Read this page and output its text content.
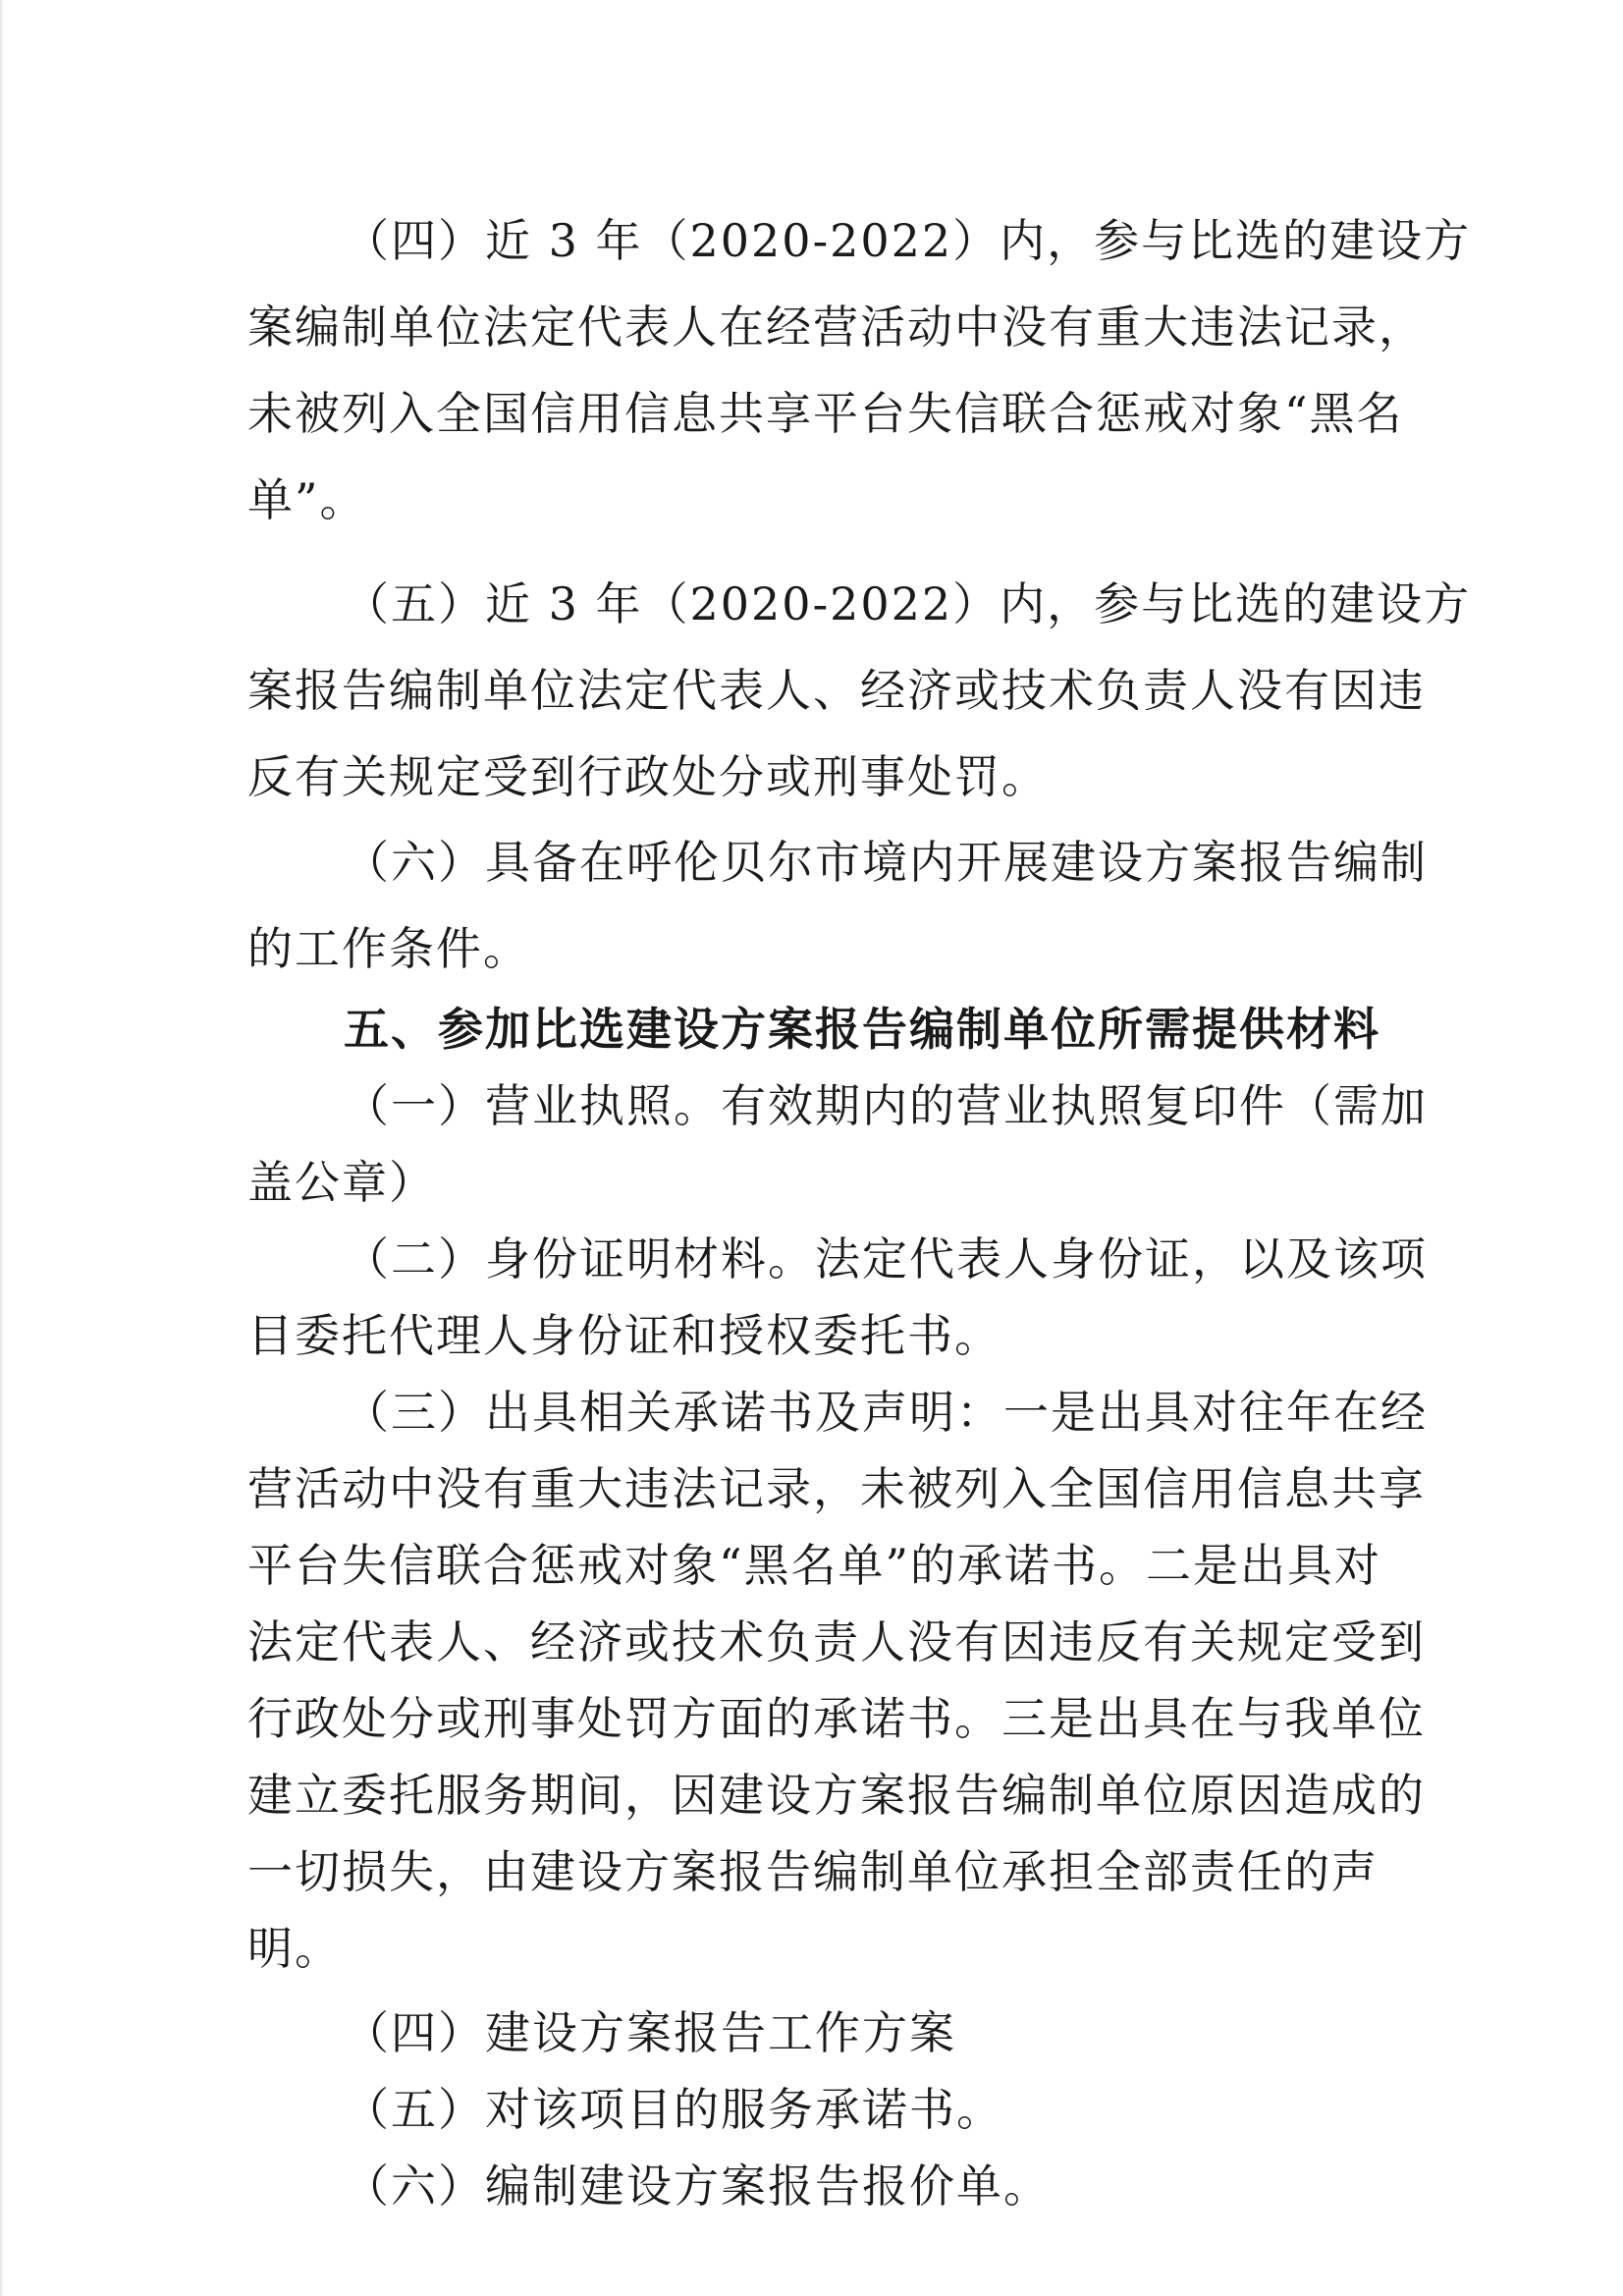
（四）近 3 年（2020-2022）内，参与比选的建设方
案编制单位法定代表人在经营活动中没有重大违法记录，
未被列入全国信用信息共享平台失信联合惩戒对象“黑名
单”。
（五）近 3 年（2020-2022）内，参与比选的建设方
案报告编制单位法定代表人、经济或技术负责人没有因违
反有关规定受到行政处分或刑事处罚。
（六）具备在呼伦贝尔市境内开展建设方案报告编制
的工作条件。
五、参加比选建设方案报告编制单位所需提供材料
（一）营业执照。有效期内的营业执照复印件（需加
盖公章）
（二）身份证明材料。法定代表人身份证，以及该项
目委托代理人身份证和授权委托书。
（三）出具相关承诺书及声明：一是出具对往年在经
营活动中没有重大违法记录，未被列入全国信用信息共享
平台失信联合惩戒对象“黑名单”的承诺书。二是出具对
法定代表人、经济或技术负责人没有因违反有关规定受到
行政处分或刑事处罚方面的承诺书。三是出具在与我单位
建立委托服务期间，因建设方案报告编制单位原因造成的
一切损失，由建设方案报告编制单位承担全部责任的声
明。
（四）建设方案报告工作方案
（五）对该项目的服务承诺书。
（六）编制建设方案报告报价单。
